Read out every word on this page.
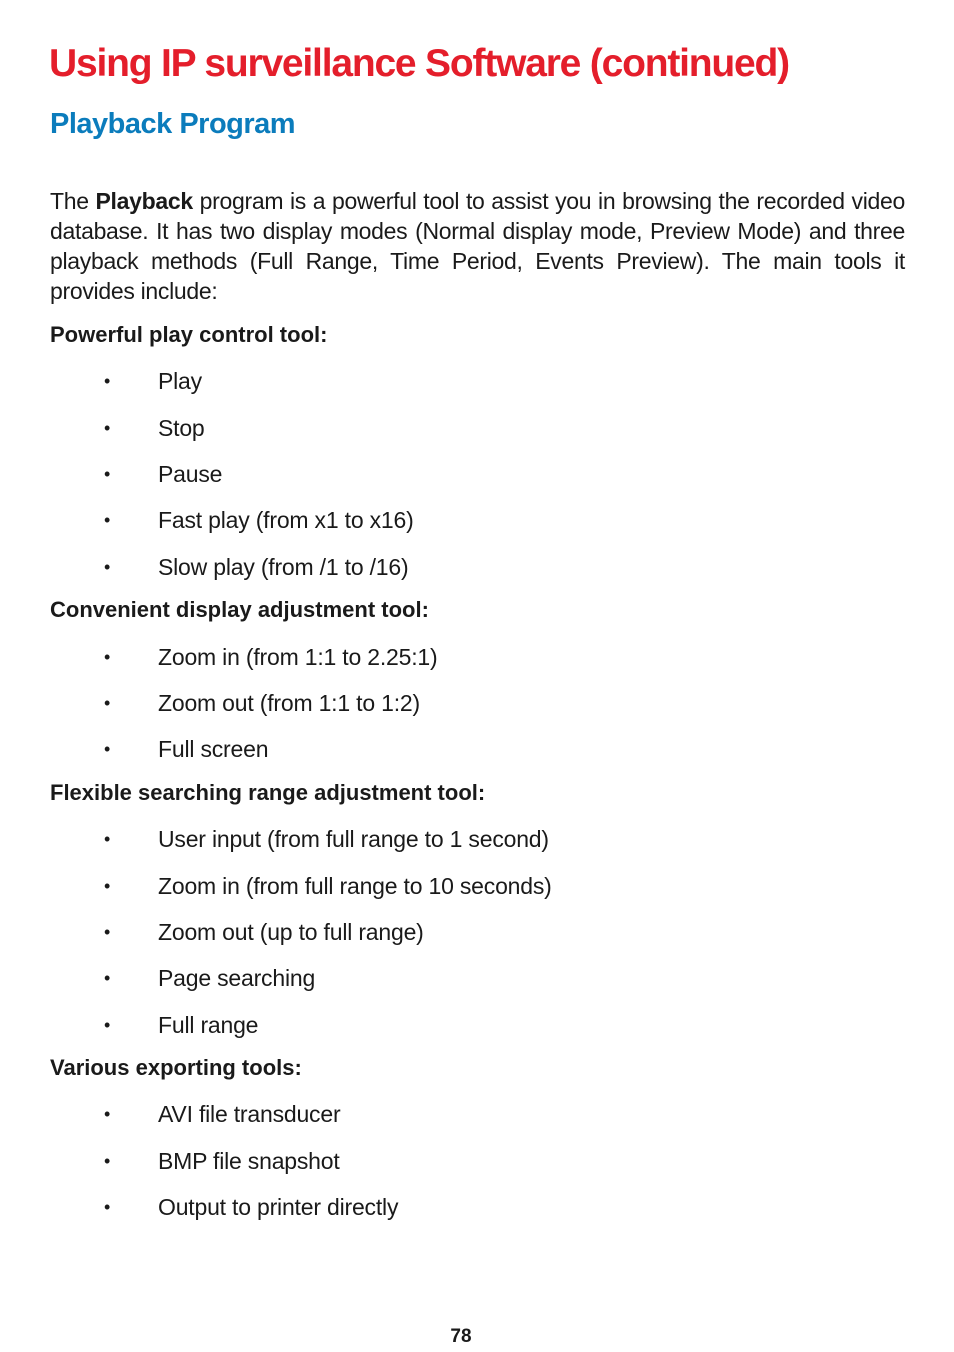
Using IP surveillance Software (continued)
Playback Program

The Playback program is a powerful tool to assist you in browsing the recorded video database. It has two display modes (Normal display mode, Preview Mode) and three playback methods (Full Range, Time Period, Events Preview). The main tools it provides include:

Powerful play control tool:
• Play
• Stop
• Pause
• Fast play (from x1 to x16)
• Slow play (from /1 to /16)
Convenient display adjustment tool:
• Zoom in (from 1:1 to 2.25:1)
• Zoom out (from 1:1 to 1:2)
• Full screen
Flexible searching range adjustment tool:
• User input (from full range to 1 second)
• Zoom in (from full range to 10 seconds)
• Zoom out (up to full range)
• Page searching
• Full range
Various exporting tools:
• AVI file transducer
• BMP file snapshot
• Output to printer directly
78
